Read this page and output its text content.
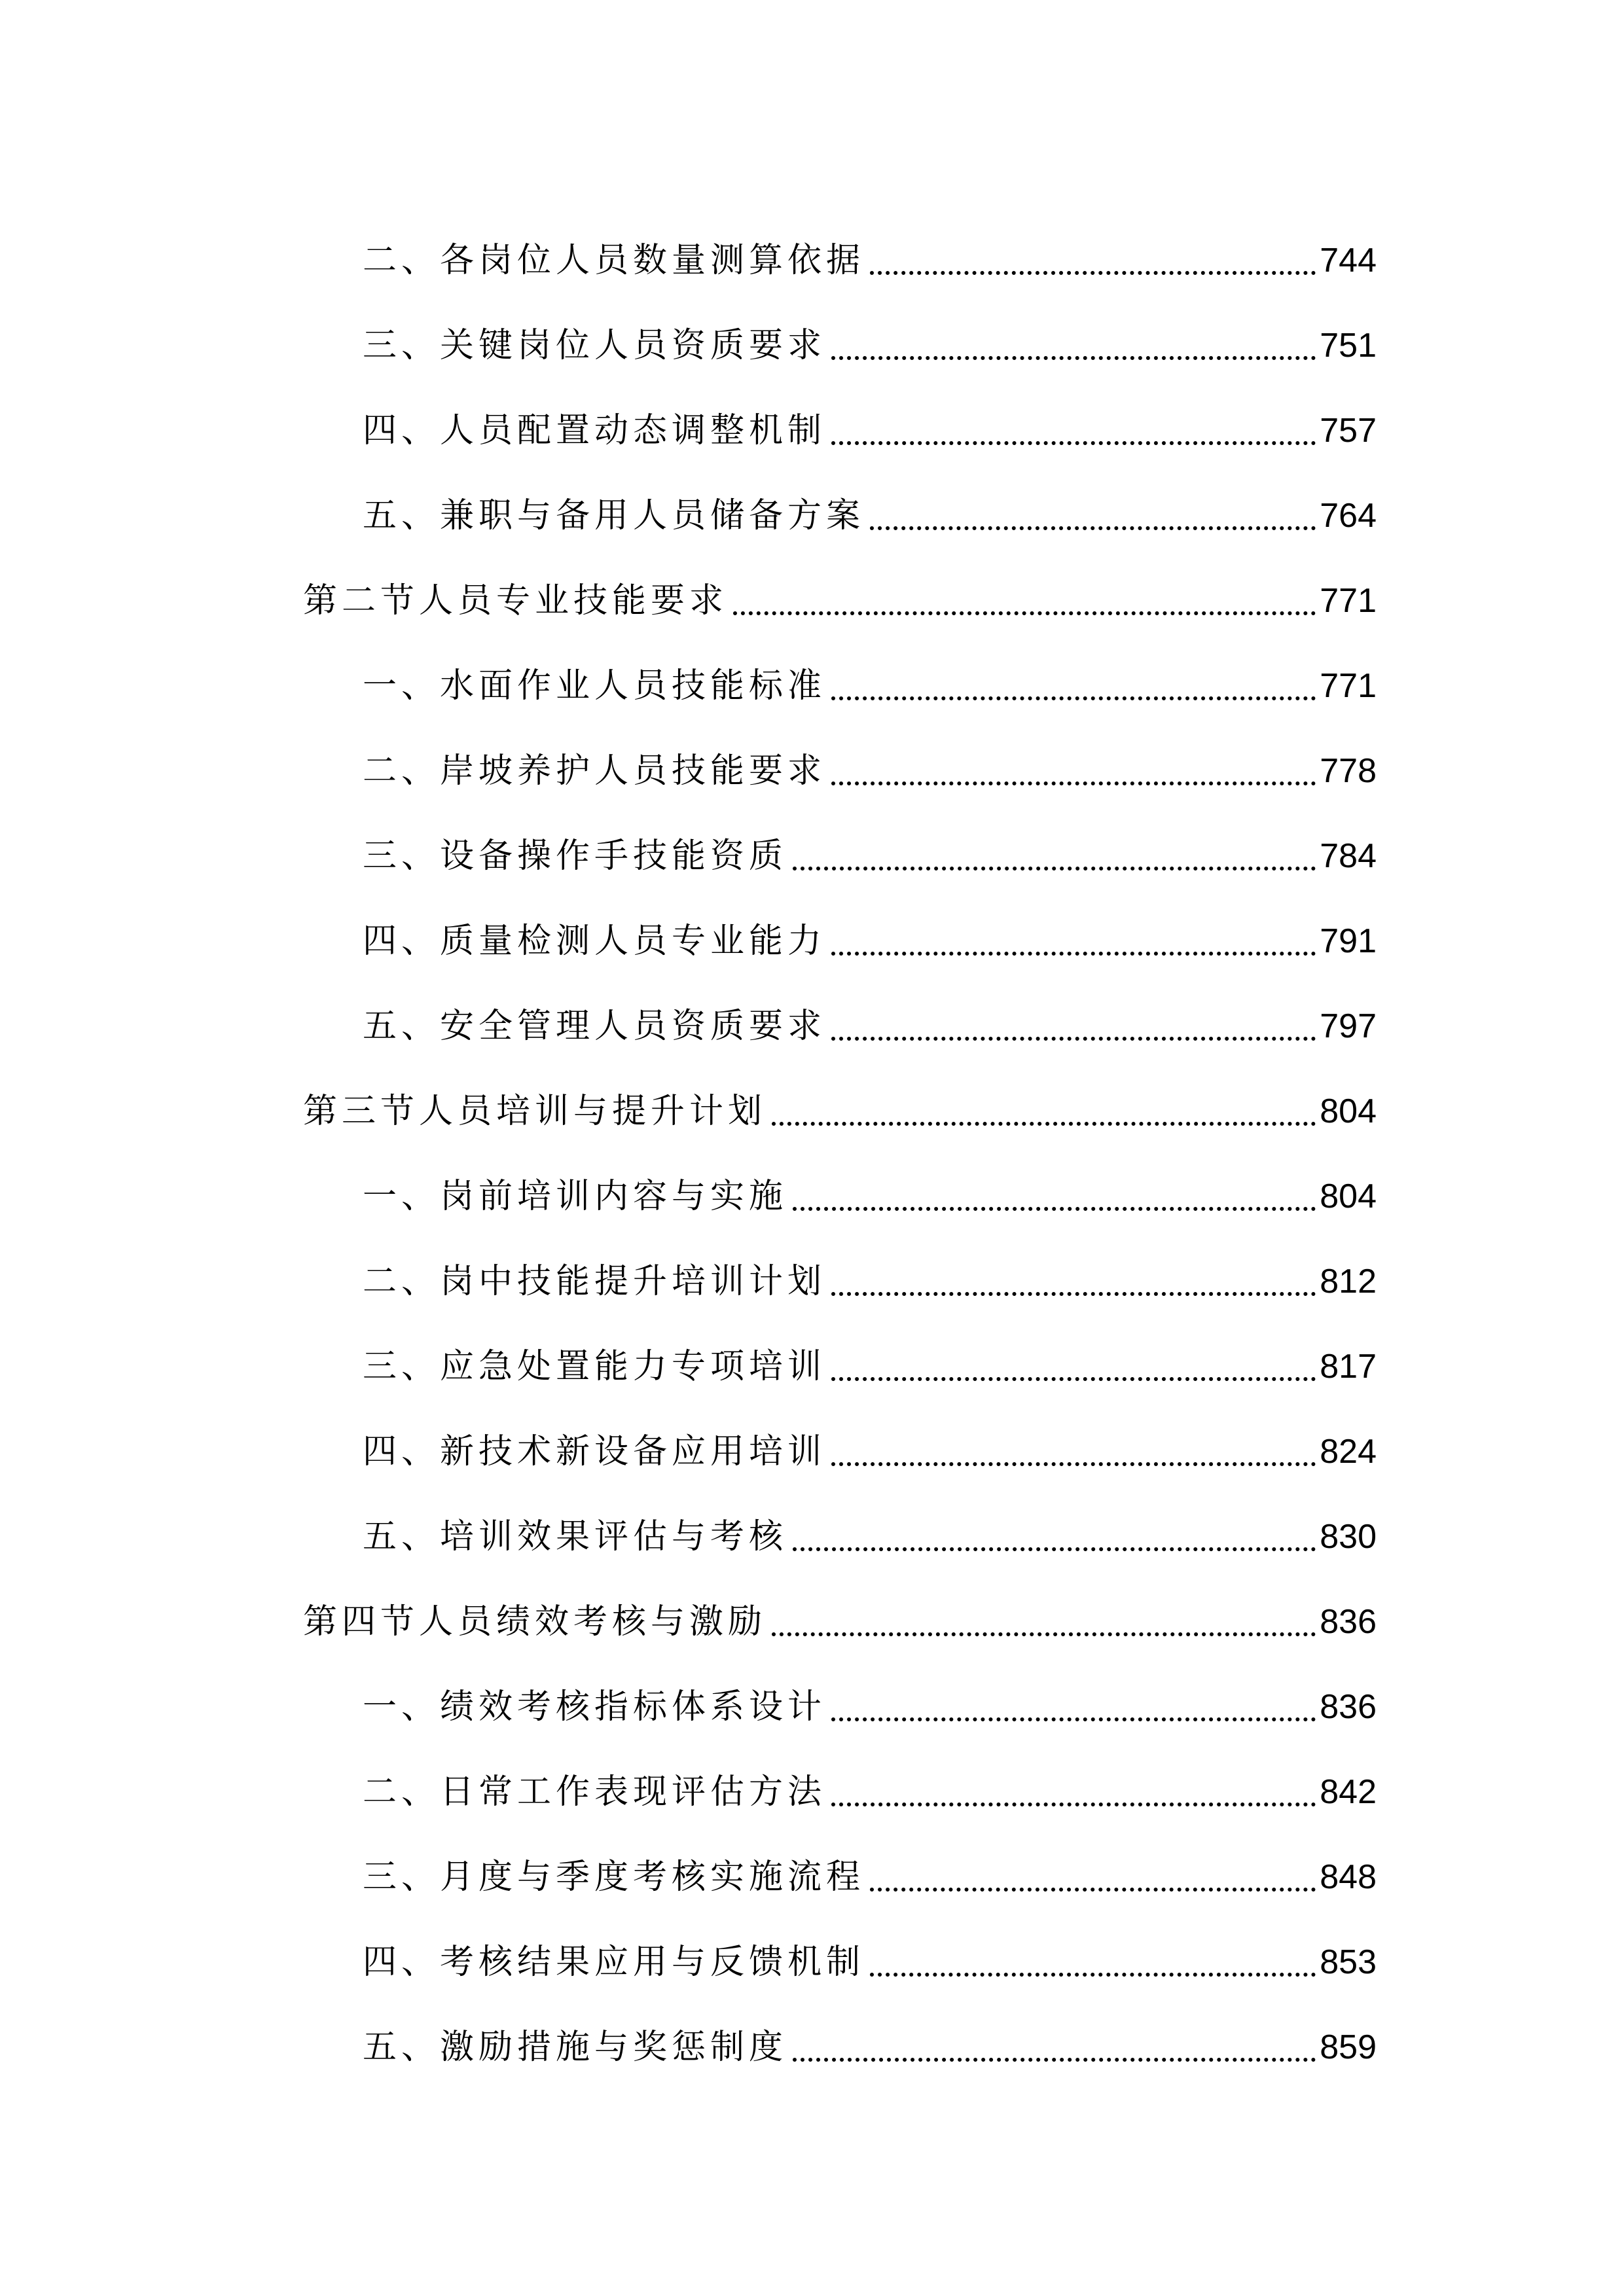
二、各岗位人员数量测算依据	744
三、关键岗位人员资质要求	751
四、人员配置动态调整机制	757
五、兼职与备用人员储备方案	764
第二节人员专业技能要求	771
一、水面作业人员技能标准	771
二、岸坡养护人员技能要求	778
三、设备操作手技能资质	784
四、质量检测人员专业能力	791
五、安全管理人员资质要求	797
第三节人员培训与提升计划	804
一、岗前培训内容与实施	804
二、岗中技能提升培训计划	812
三、应急处置能力专项培训	817
四、新技术新设备应用培训	824
五、培训效果评估与考核	830
第四节人员绩效考核与激励	836
一、绩效考核指标体系设计	836
二、日常工作表现评估方法	842
三、月度与季度考核实施流程	848
四、考核结果应用与反馈机制	853
五、激励措施与奖惩制度	859
